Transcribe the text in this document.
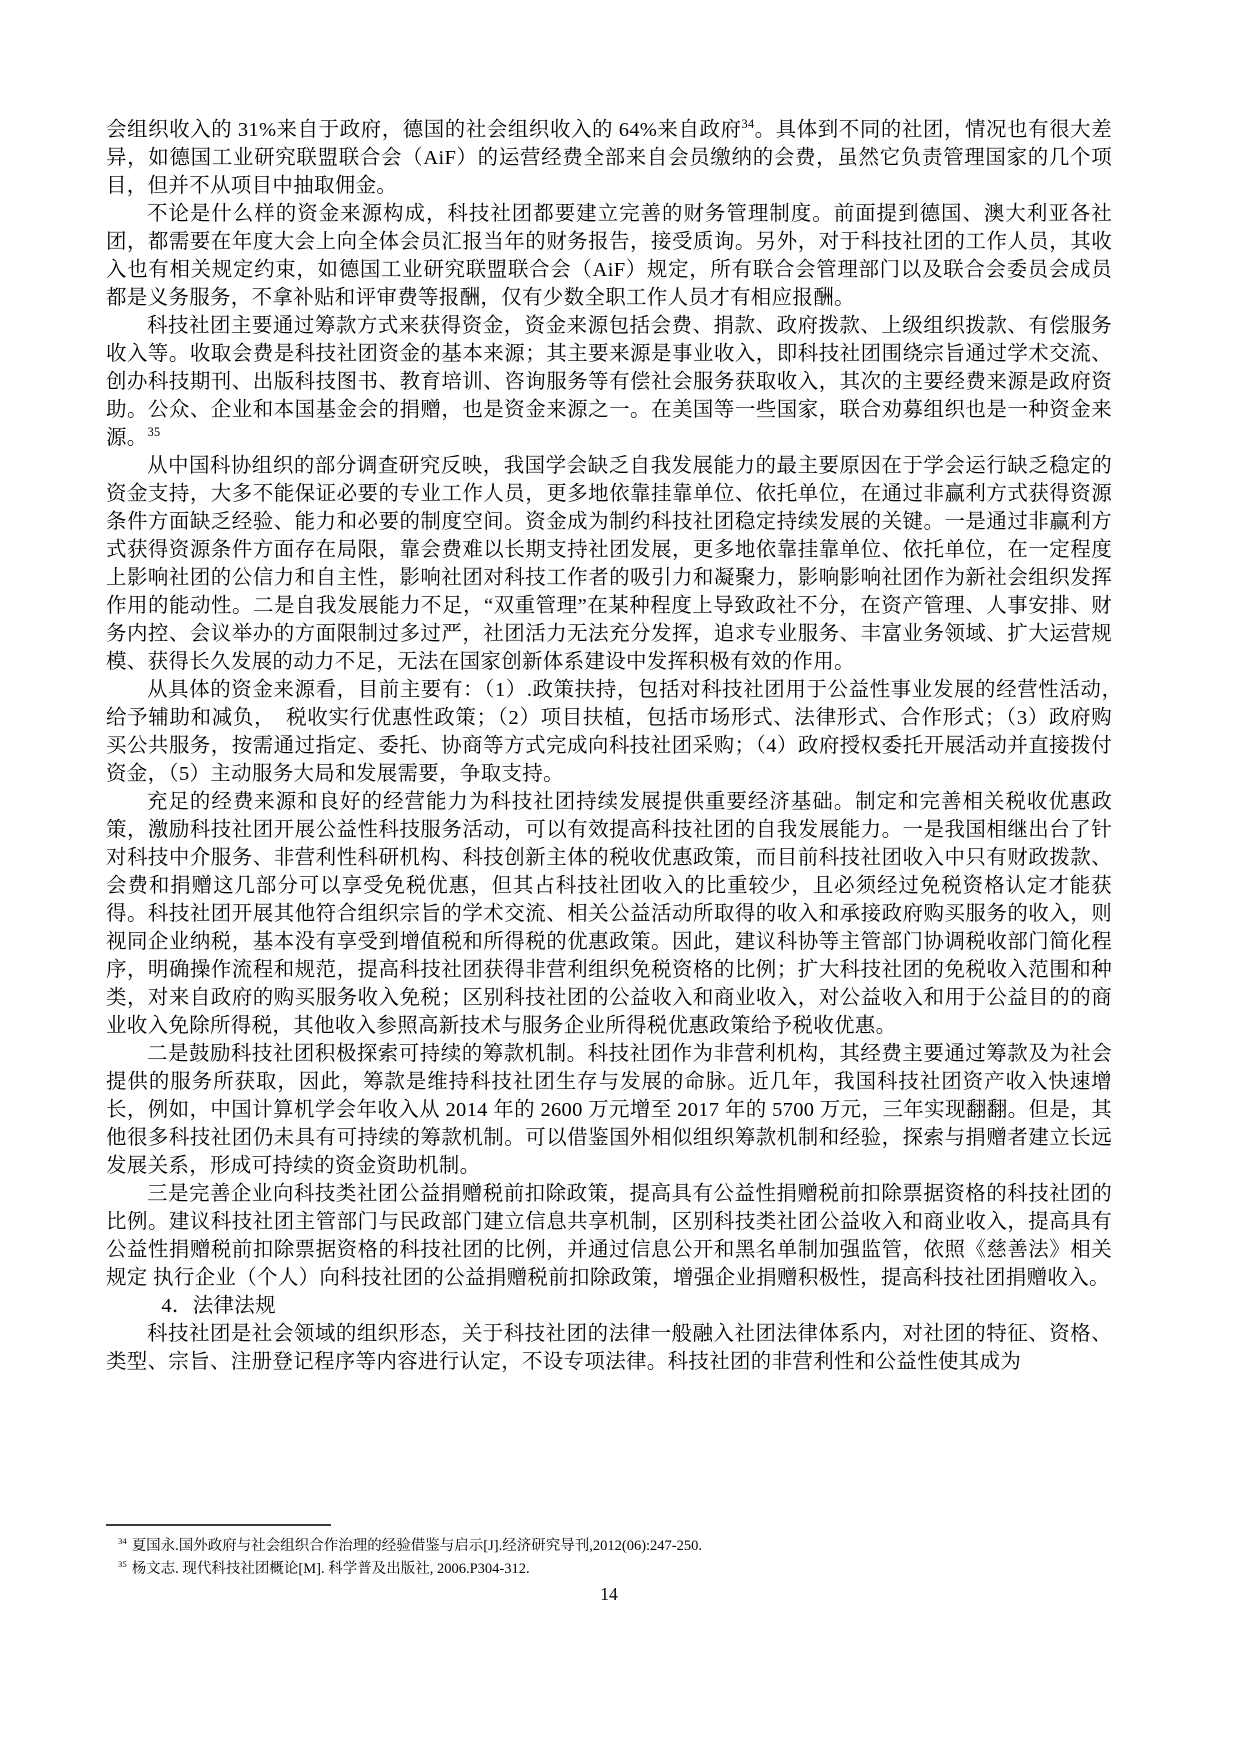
会组织收入的 31%来自于政府，德国的社会组织收入的 64%来自政府$^{34}$。具体到不同的社团，情况也有很大差异，如德国工业研究联盟联合会（AiF）的运营经费全部来自会员缴纳的会费，虽然它负责管理国家的几个项目，但并不从项目中抽取佣金。

不论是什么样的资金来源构成，科技社团都要建立完善的财务管理制度。前面提到德国、澳大利亚各社团，都需要在年度大会上向全体会员汇报当年的财务报告，接受质询。另外，对于科技社团的工作人员，其收入也有相关规定约束，如德国工业研究联盟联合会（AiF）规定，所有联合会管理部门以及联合会委员会成员都是义务服务，不拿补贴和评审费等报酬，仅有少数全职工作人员才有相应报酬。

科技社团主要通过筹款方式来获得资金，资金来源包括会费、捐款、政府拨款、上级组织拨款、有偿服务收入等。收取会费是科技社团资金的基本来源；其主要来源是事业收入，即科技社团围绕宗旨通过学术交流、创办科技期刊、出版科技图书、教育培训、咨询服务等有偿社会服务获取收入，其次的主要经费来源是政府资助。公众、企业和本国基金会的捐赠，也是资金来源之一。在美国等一些国家，联合劝募组织也是一种资金来源。$^{35}$

从中国科协组织的部分调查研究反映，我国学会缺乏自我发展能力的最主要原因在于学会运行缺乏稳定的资金支持，大多不能保证必要的专业工作人员，更多地依靠挂靠单位、依托单位，在通过非赢利方式获得资源条件方面缺乏经验、能力和必要的制度空间。资金成为制约科技社团稳定持续发展的关键。一是通过非赢利方式获得资源条件方面存在局限，靠会费难以长期支持社团发展，更多地依靠挂靠单位、依托单位，在一定程度上影响社团的公信力和自主性，影响社团对科技工作者的吸引力和凝聚力，影响影响社团作为新社会组织发挥作用的能动性。二是自我发展能力不足，“双重管理”在某种程度上导致政社不分，在资产管理、人事安排、财务内控、会议举办的方面限制过多过严，社团活力无法充分发挥，追求专业服务、丰富业务领域、扩大运营规模、获得长久发展的动力不足，无法在国家创新体系建设中发挥积极有效的作用。

从具体的资金来源看，目前主要有：（1）.政策扶持，包括对科技社团用于公益性事业发展的经营性活动，　给予辅助和减负，　税收实行优惠性政策；（2）项目扶植，包括市场形式、法律形式、合作形式；（3）政府购买公共服务，按需通过指定、委托、协商等方式完成向科技社团采购；（4）政府授权委托开展活动并直接拨付资金，（5）主动服务大局和发展需要，争取支持。

充足的经费来源和良好的经营能力为科技社团持续发展提供重要经济基础。制定和完善相关税收优惠政策，激励科技社团开展公益性科技服务活动，可以有效提高科技社团的自我发展能力。一是我国相继出台了针对科技中介服务、非营利性科研机构、科技创新主体的税收优惠政策，而目前科技社团收入中只有财政拨款、会费和捐赠这几部分可以享受免税优惠，但其占科技社团收入的比重较少，且必须经过免税资格认定才能获得。科技社团开展其他符合组织宗旨的学术交流、相关公益活动所取得的收入和承接政府购买服务的收入，则视同企业纳税，基本没有享受到增值税和所得税的优惠政策。因此，建议科协等主管部门协调税收部门简化程序，明确操作流程和规范，提高科技社团获得非营利组织免税资格的比例；扩大科技社团的免税收入范围和种类，对来自政府的购买服务收入免税；区别科技社团的公益收入和商业收入，对公益收入和用于公益目的的商业收入免除所得税，其他收入参照高新技术与服务企业所得税优惠政策给予税收优惠。

二是鼓励科技社团积极探索可持续的筹款机制。科技社团作为非营利机构，其经费主要通过筹款及为社会提供的服务所获取，因此，筹款是维持科技社团生存与发展的命脉。近几年，我国科技社团资产收入快速增长，例如，中国计算机学会年收入从 2014 年的 2600 万元增至 2017 年的 5700 万元，三年实现翻翻。但是，其他很多科技社团仍未具有可持续的筹款机制。可以借鉴国外相似组织筹款机制和经验，探索与捐赠者建立长远发展关系，形成可持续的资金资助机制。

三是完善企业向科技类社团公益捐赠税前扣除政策，提高具有公益性捐赠税前扣除票据资格的科技社团的比例。建议科技社团主管部门与民政部门建立信息共享机制，区别科技类社团公益收入和商业收入，提高具有公益性捐赠税前扣除票据资格的科技社团的比例，并通过信息公开和黑名单制加强监管，依照《慈善法》相关规定 执行企业（个人）向科技社团的公益捐赠税前扣除政策，增强企业捐赠积极性，提高科技社团捐赠收入。

4．法律法规

科技社团是社会领域的组织形态，关于科技社团的法律一般融入社团法律体系内，对社团的特征、资格、类型、宗旨、注册登记程序等内容进行认定，不设专项法律。科技社团的非营利性和公益性使其成为

$^{34}$ 夏国永.国外政府与社会组织合作治理的经验借鉴与启示[J].经济研究导刊,2012(06):247-250.

$^{35}$ 杨文志. 现代科技社团概论[M]. 科学普及出版社, 2006.P304-312.

14
